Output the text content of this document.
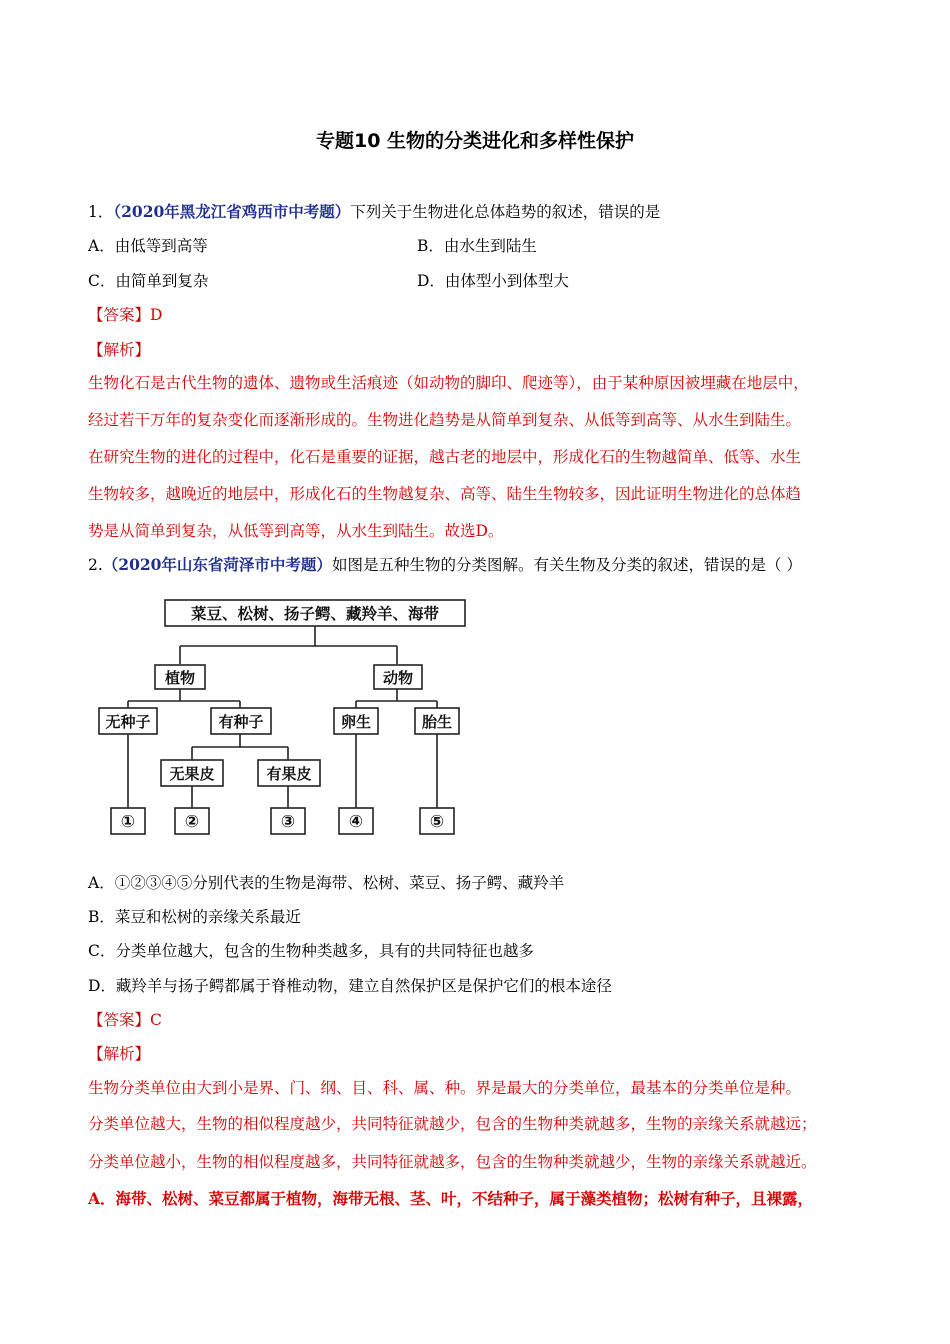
专题10 生物的分类进化和多样性保护
1．（2020年黑龙江省鸡西市中考题）下列关于生物进化总体趋势的叙述，错误的是
A．由低等到高等	B．由水生到陆生
C．由简单到复杂	D．由体型小到体型大
【答案】D
【解析】
生物化石是古代生物的遗体、遗物或生活痕迹（如动物的脚印、爬迹等），由于某种原因被埋藏在地层中，
经过若干万年的复杂变化而逐渐形成的。生物进化趋势是从简单到复杂、从低等到高等、从水生到陆生。
在研究生物的进化的过程中，化石是重要的证据，越古老的地层中，形成化石的生物越简单、低等、水生
生物较多，越晚近的地层中，形成化石的生物越复杂、高等、陆生生物较多，因此证明生物进化的总体趋
势是从简单到复杂，从低等到高等，从水生到陆生。故选D。
2.（2020年山东省菏泽市中考题）如图是五种生物的分类图解。有关生物及分类的叙述，错误的是（ ）
菜豆、松树、扬子鳄、藏羚羊、海带
植物	动物
无种子	有种子	卵生	胎生
无果皮	有果皮
①	②	③	④	⑤
A．①②③④⑤分别代表的生物是海带、松树、菜豆、扬子鳄、藏羚羊
B．菜豆和松树的亲缘关系最近
C．分类单位越大，包含的生物种类越多，具有的共同特征也越多
D．藏羚羊与扬子鳄都属于脊椎动物，建立自然保护区是保护它们的根本途径
【答案】C
【解析】
生物分类单位由大到小是界、门、纲、目、科、属、种。界是最大的分类单位，最基本的分类单位是种。
分类单位越大，生物的相似程度越少，共同特征就越少，包含的生物种类就越多，生物的亲缘关系就越远；
分类单位越小，生物的相似程度越多，共同特征就越多，包含的生物种类就越少，生物的亲缘关系就越近。
A．海带、松树、菜豆都属于植物，海带无根、茎、叶，不结种子，属于藻类植物；松树有种子，且裸露，
